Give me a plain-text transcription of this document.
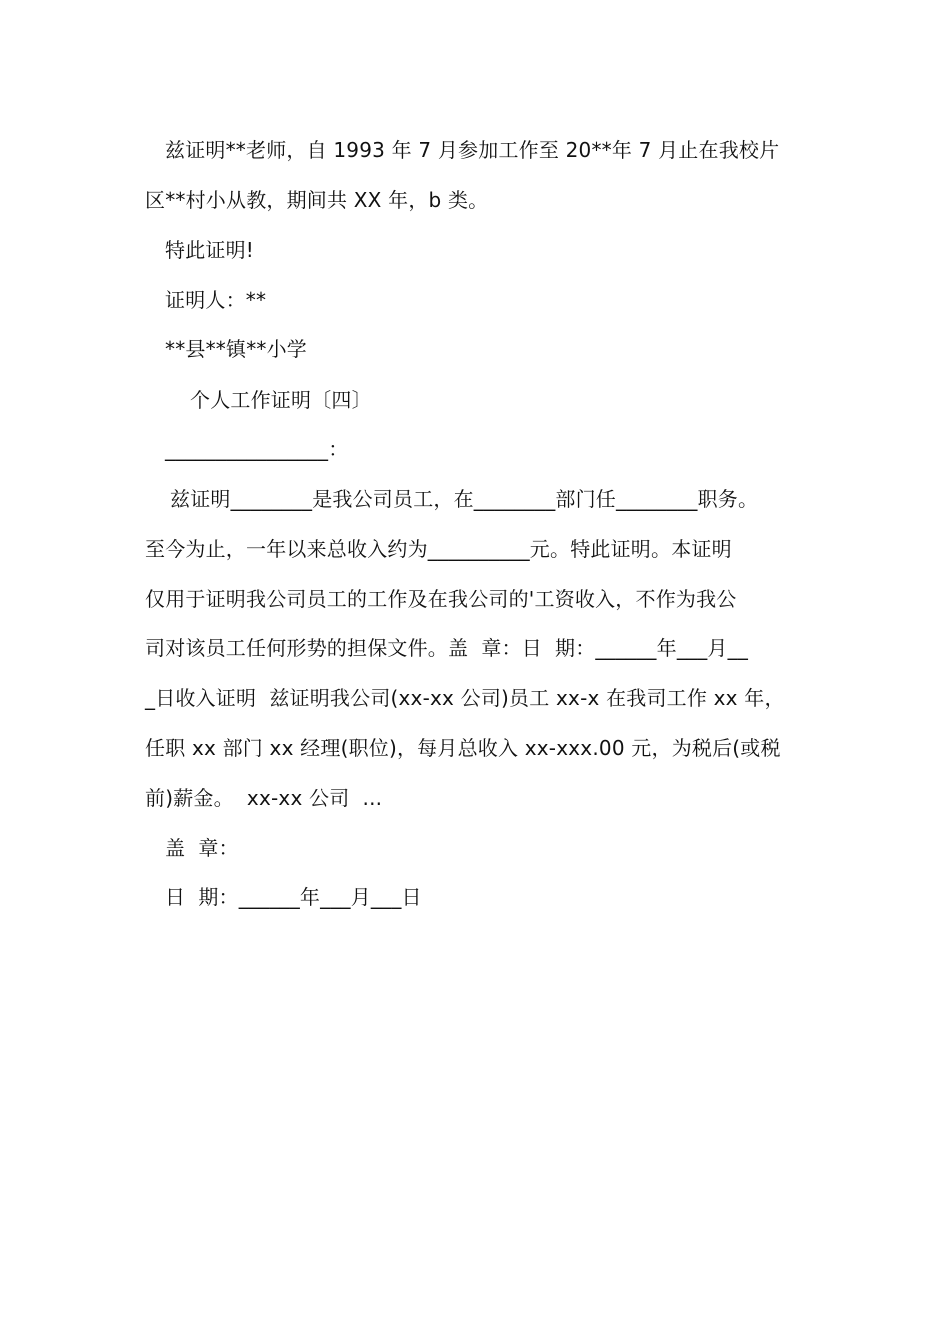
兹证明**老师，自 1993 年 7 月参加工作至 20**年 7 月止在我校片
区**村小从教，期间共 XX 年，b 类。
特此证明!
证明人：**
**县**镇**小学
个人工作证明〔四〕
________________：
兹证明________是我公司员工，在________部门任________职务。
至今为止，一年以来总收入约为__________元。特此证明。本证明
仅用于证明我公司员工的工作及在我公司的'工资收入，不作为我公
司对该员工任何形势的担保文件。盖  章：日  期：______年___月__
_日收入证明  兹证明我公司(xx-xx 公司)员工 xx-x 在我司工作 xx 年，
任职 xx 部门 xx 经理(职位)，每月总收入 xx-xxx.00 元，为税后(或税
前)薪金。  xx-xx 公司  ...
盖  章：
日  期：______年___月___日
